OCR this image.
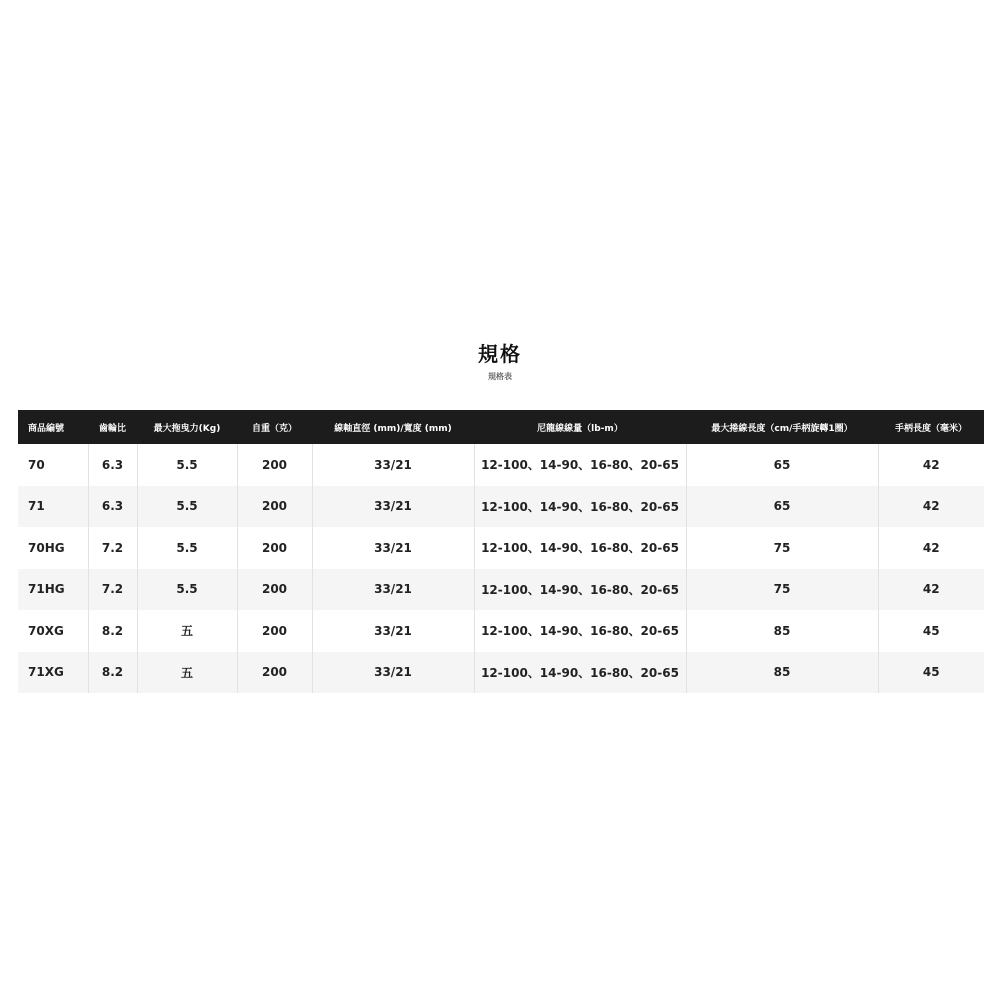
規格
規格表
商品編號	齒輪比	最大拖曳力(Kg)	自重（克）	線軸直徑 (mm)/寬度 (mm)	尼龍線線量（lb-m）	最大捲線長度（cm/手柄旋轉1圈）	手柄長度（毫米）
70	6.3	5.5	200	33/21	12-100、14-90、16-80、20-65	65	42
71	6.3	5.5	200	33/21	12-100、14-90、16-80、20-65	65	42
70HG	7.2	5.5	200	33/21	12-100、14-90、16-80、20-65	75	42
71HG	7.2	5.5	200	33/21	12-100、14-90、16-80、20-65	75	42
70XG	8.2	五	200	33/21	12-100、14-90、16-80、20-65	85	45
71XG	8.2	五	200	33/21	12-100、14-90、16-80、20-65	85	45
